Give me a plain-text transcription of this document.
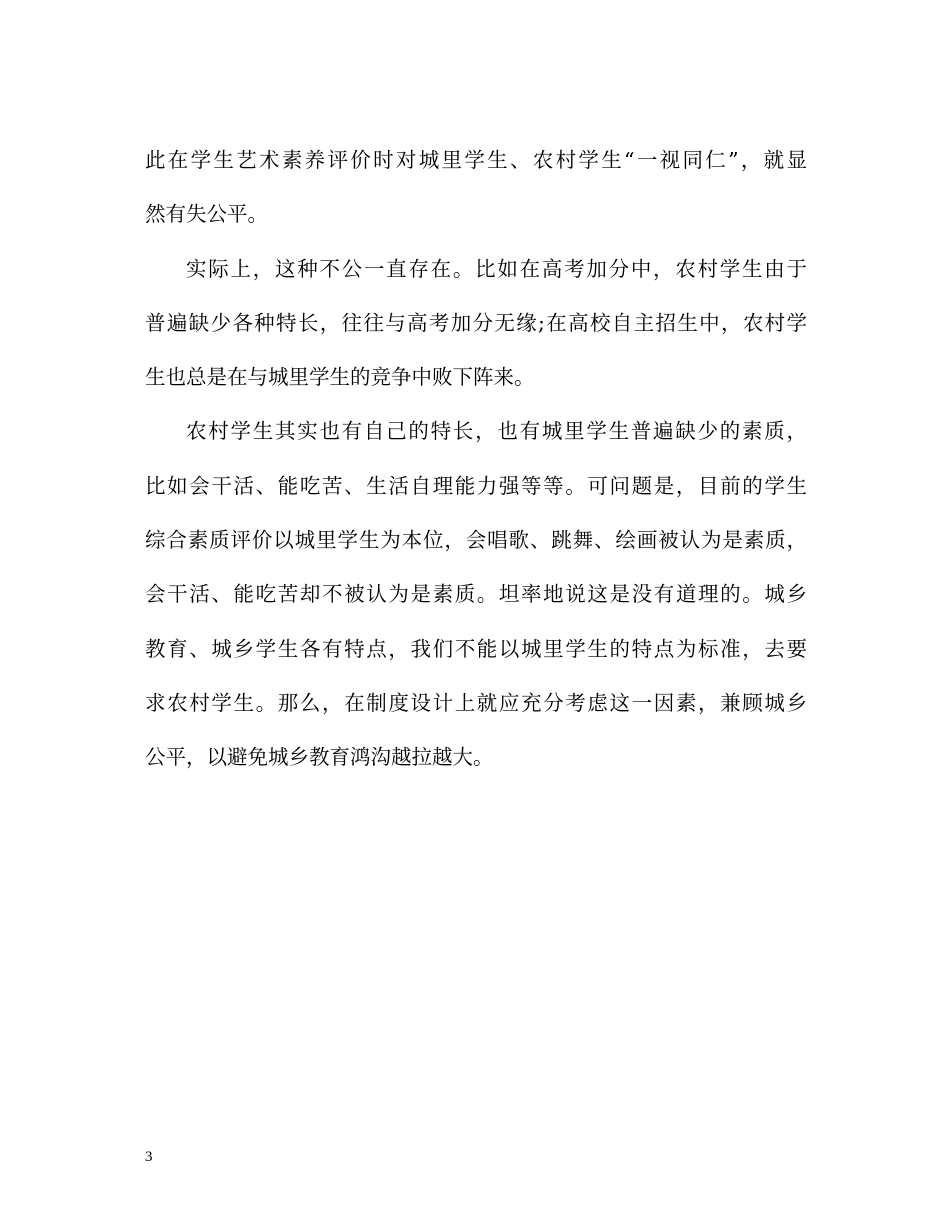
此在学生艺术素养评价时对城里学生、农村学生“一视同仁”，就显
然有失公平。
实际上，这种不公一直存在。比如在高考加分中，农村学生由于
普遍缺少各种特长，往往与高考加分无缘;在高校自主招生中，农村学
生也总是在与城里学生的竞争中败下阵来。
农村学生其实也有自己的特长，也有城里学生普遍缺少的素质，
比如会干活、能吃苦、生活自理能力强等等。可问题是，目前的学生
综合素质评价以城里学生为本位，会唱歌、跳舞、绘画被认为是素质，
会干活、能吃苦却不被认为是素质。坦率地说这是没有道理的。城乡
教育、城乡学生各有特点，我们不能以城里学生的特点为标准，去要
求农村学生。那么，在制度设计上就应充分考虑这一因素，兼顾城乡
公平，以避免城乡教育鸿沟越拉越大。
3
